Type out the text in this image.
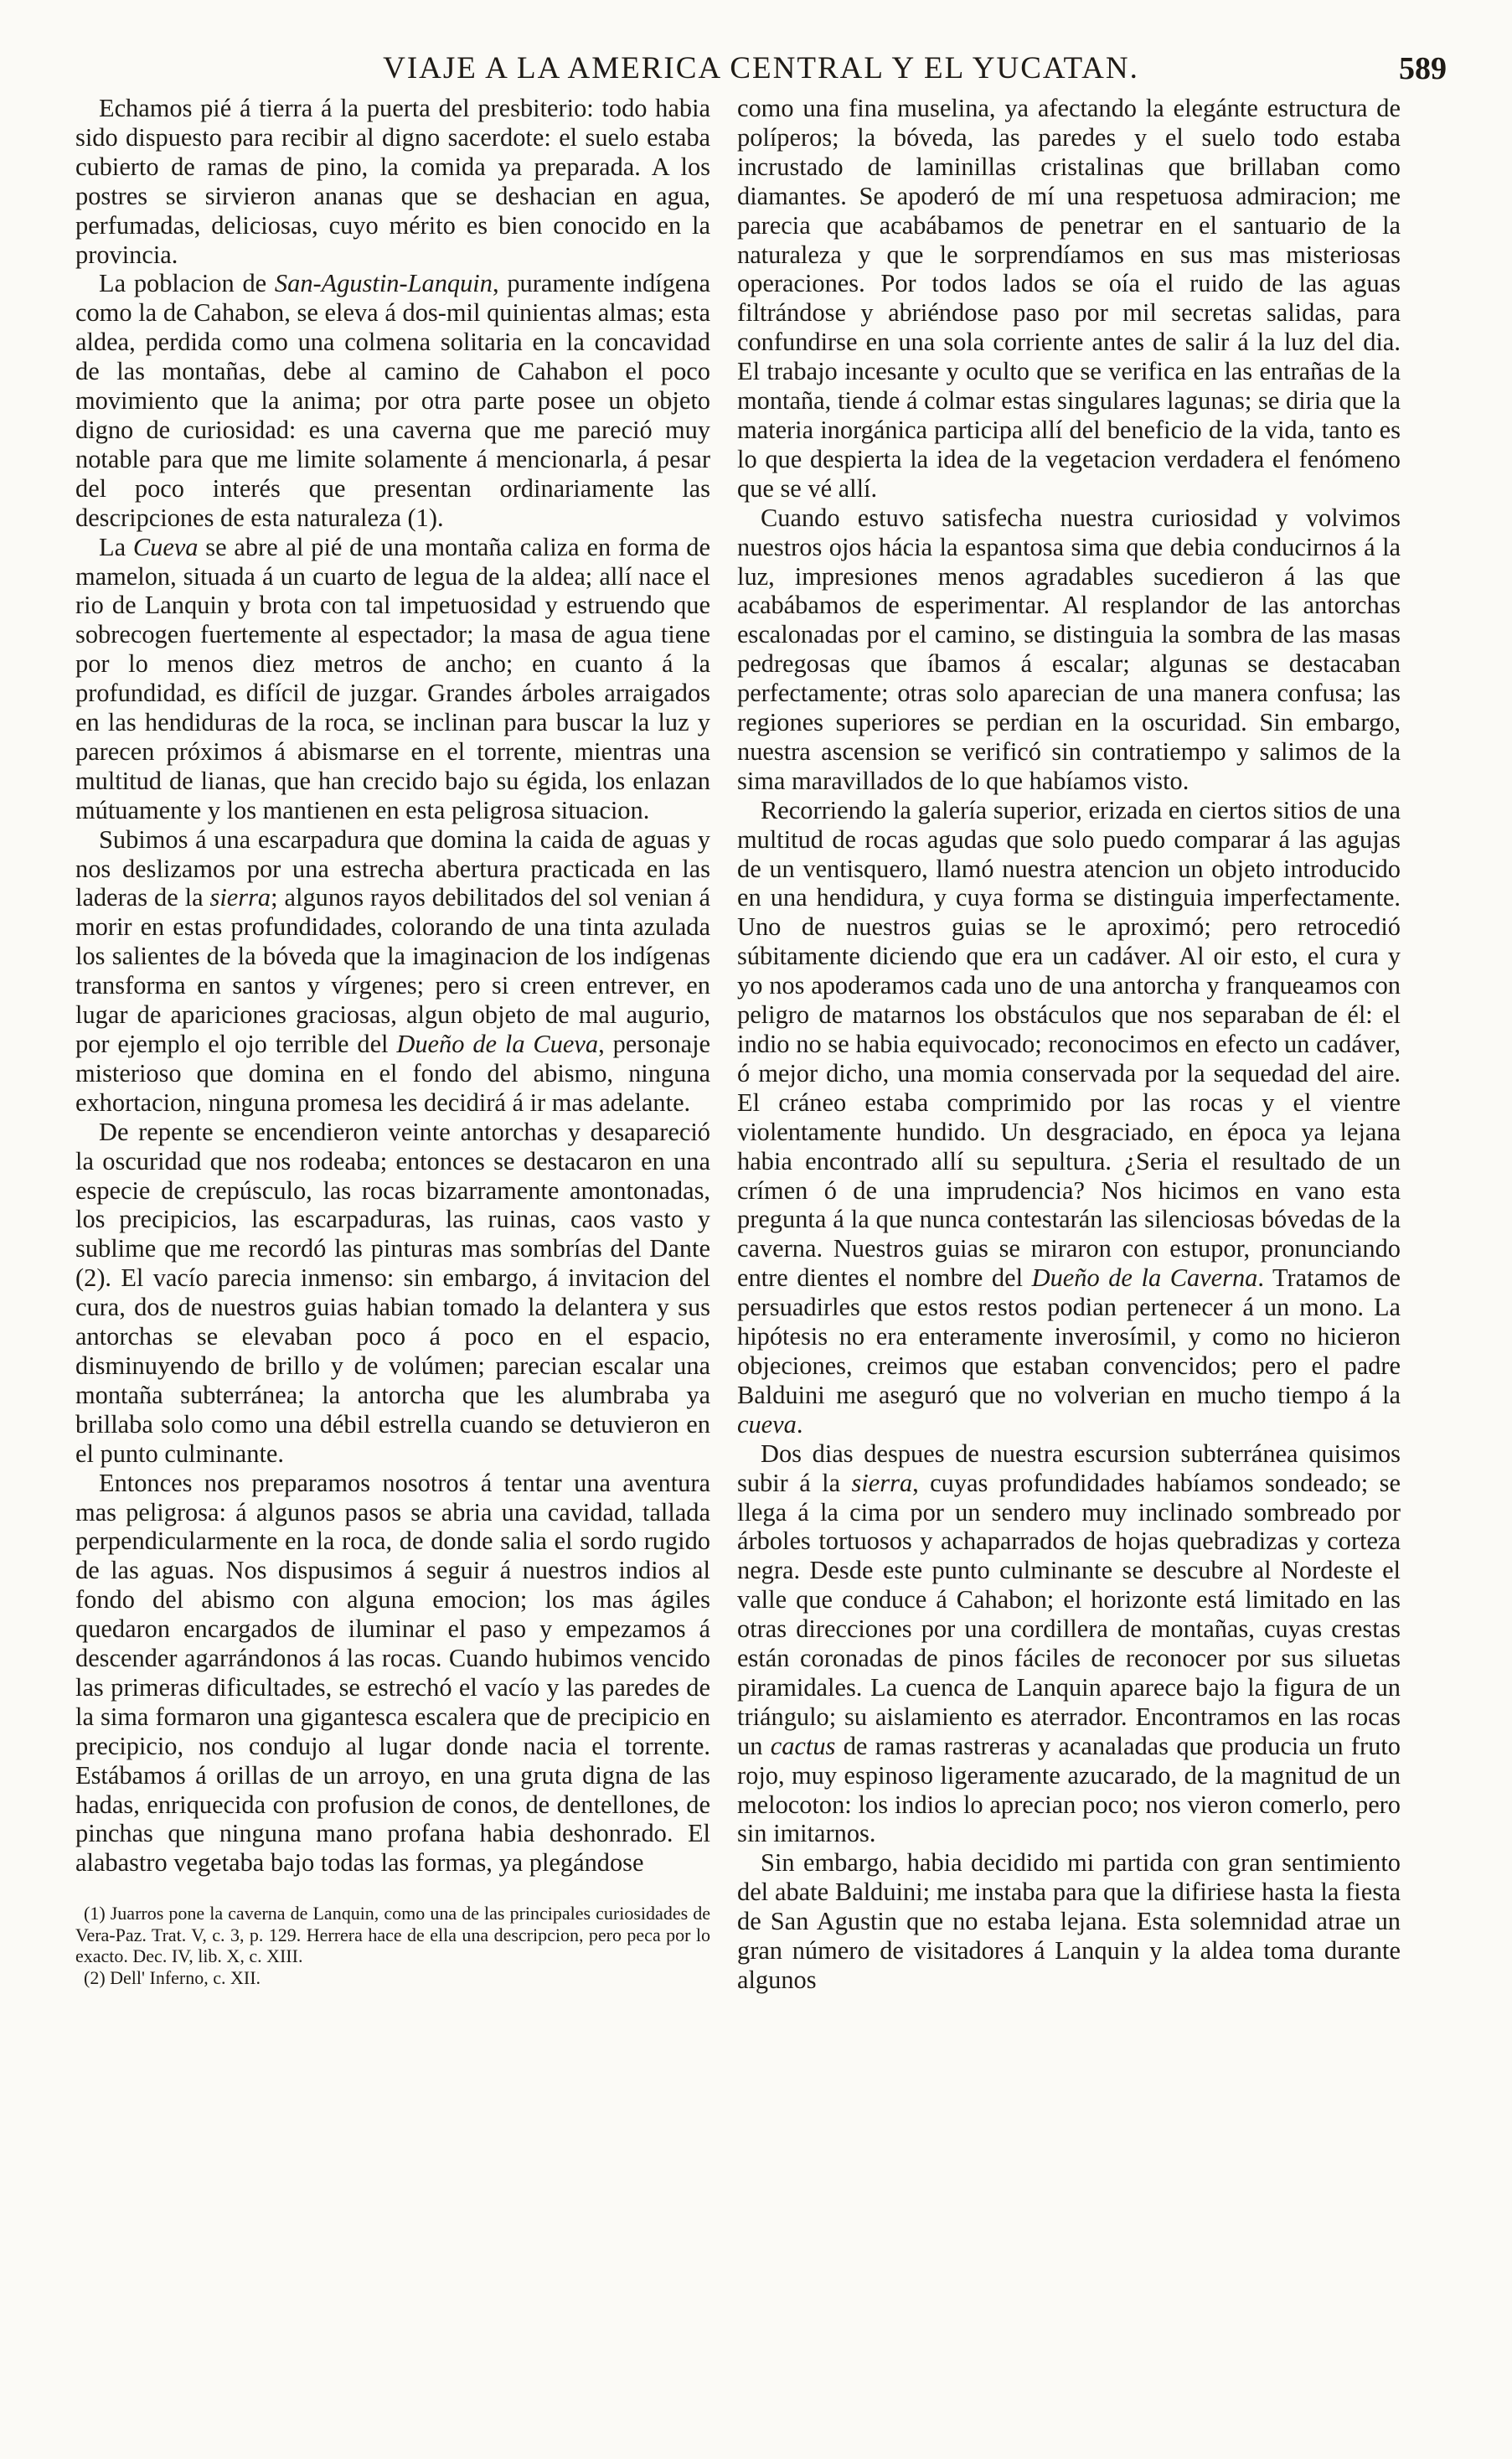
VIAJE A LA AMERICA CENTRAL Y EL YUCATAN.	589

Echamos pié á tierra á la puerta del presbiterio: todo habia sido dispuesto para recibir al digno sacerdote: el suelo estaba cubierto de ramas de pino, la comida ya preparada. A los postres se sirvieron ananas que se deshacian en agua, perfumadas, deliciosas, cuyo mérito es bien conocido en la provincia.

La poblacion de San-Agustin-Lanquin, puramente indígena como la de Cahabon, se eleva á dos-mil quinientas almas; esta aldea, perdida como una colmena solitaria en la concavidad de las montañas, debe al camino de Cahabon el poco movimiento que la anima; por otra parte posee un objeto digno de curiosidad: es una caverna que me pareció muy notable para que me limite solamente á mencionarla, á pesar del poco interés que presentan ordinariamente las descripciones de esta naturaleza (1).

La Cueva se abre al pié de una montaña caliza en forma de mamelon, situada á un cuarto de legua de la aldea; allí nace el rio de Lanquin y brota con tal impetuosidad y estruendo que sobrecogen fuertemente al espectador; la masa de agua tiene por lo menos diez metros de ancho; en cuanto á la profundidad, es difícil de juzgar. Grandes árboles arraigados en las hendiduras de la roca, se inclinan para buscar la luz y parecen próximos á abismarse en el torrente, mientras una multitud de lianas, que han crecido bajo su égida, los enlazan mútuamente y los mantienen en esta peligrosa situacion.

Subimos á una escarpadura que domina la caida de aguas y nos deslizamos por una estrecha abertura practicada en las laderas de la sierra; algunos rayos debilitados del sol venian á morir en estas profundidades, colorando de una tinta azulada los salientes de la bóveda que la imaginacion de los indígenas transforma en santos y vírgenes; pero si creen entrever, en lugar de apariciones graciosas, algun objeto de mal augurio, por ejemplo el ojo terrible del Dueño de la Cueva, personaje misterioso que domina en el fondo del abismo, ninguna exhortacion, ninguna promesa les decidirá á ir mas adelante.

De repente se encendieron veinte antorchas y desapareció la oscuridad que nos rodeaba; entonces se destacaron en una especie de crepúsculo, las rocas bizarramente amontonadas, los precipicios, las escarpaduras, las ruinas, caos vasto y sublime que me recordó las pinturas mas sombrías del Dante (2). El vacío parecia inmenso: sin embargo, á invitacion del cura, dos de nuestros guias habian tomado la delantera y sus antorchas se elevaban poco á poco en el espacio, disminuyendo de brillo y de volúmen; parecian escalar una montaña subterránea; la antorcha que les alumbraba ya brillaba solo como una débil estrella cuando se detuvieron en el punto culminante.

Entonces nos preparamos nosotros á tentar una aventura mas peligrosa: á algunos pasos se abria una cavidad, tallada perpendicularmente en la roca, de donde salia el sordo rugido de las aguas. Nos dispusimos á seguir á nuestros indios al fondo del abismo con alguna emocion; los mas ágiles quedaron encargados de iluminar el paso y empezamos á descender agarrándonos á las rocas. Cuando hubimos vencido las primeras dificultades, se estrechó el vacío y las paredes de la sima formaron una gigantesca escalera que de precipicio en precipicio, nos condujo al lugar donde nacia el torrente. Estábamos á orillas de un arroyo, en una gruta digna de las hadas, enriquecida con profusion de conos, de dentellones, de pinchas que ninguna mano profana habia deshonrado. El alabastro vegetaba bajo todas las formas, ya plegándose

(1) Juarros pone la caverna de Lanquin, como una de las principales curiosidades de Vera-Paz. Trat. V, c. 3, p. 129. Herrera hace de ella una descripcion, pero peca por lo exacto. Dec. IV, lib. X, c. XIII.

(2) Dell' Inferno, c. XII.

como una fina muselina, ya afectando la elegánte estructura de políperos; la bóveda, las paredes y el suelo todo estaba incrustado de laminillas cristalinas que brillaban como diamantes. Se apoderó de mí una respetuosa admiracion; me parecia que acabábamos de penetrar en el santuario de la naturaleza y que le sorprendíamos en sus mas misteriosas operaciones. Por todos lados se oía el ruido de las aguas filtrándose y abriéndose paso por mil secretas salidas, para confundirse en una sola corriente antes de salir á la luz del dia. El trabajo incesante y oculto que se verifica en las entrañas de la montaña, tiende á colmar estas singulares lagunas; se diria que la materia inorgánica participa allí del beneficio de la vida, tanto es lo que despierta la idea de la vegetacion verdadera el fenómeno que se vé allí.

Cuando estuvo satisfecha nuestra curiosidad y volvimos nuestros ojos hácia la espantosa sima que debia conducirnos á la luz, impresiones menos agradables sucedieron á las que acabábamos de esperimentar. Al resplandor de las antorchas escalonadas por el camino, se distinguia la sombra de las masas pedregosas que íbamos á escalar; algunas se destacaban perfectamente; otras solo aparecian de una manera confusa; las regiones superiores se perdian en la oscuridad. Sin embargo, nuestra ascension se verificó sin contratiempo y salimos de la sima maravillados de lo que habíamos visto.

Recorriendo la galería superior, erizada en ciertos sitios de una multitud de rocas agudas que solo puedo comparar á las agujas de un ventisquero, llamó nuestra atencion un objeto introducido en una hendidura, y cuya forma se distinguia imperfectamente. Uno de nuestros guias se le aproximó; pero retrocedió súbitamente diciendo que era un cadáver. Al oir esto, el cura y yo nos apoderamos cada uno de una antorcha y franqueamos con peligro de matarnos los obstáculos que nos separaban de él: el indio no se habia equivocado; reconocimos en efecto un cadáver, ó mejor dicho, una momia conservada por la sequedad del aire. El cráneo estaba comprimido por las rocas y el vientre violentamente hundido. Un desgraciado, en época ya lejana habia encontrado allí su sepultura. ¿Seria el resultado de un crímen ó de una imprudencia? Nos hicimos en vano esta pregunta á la que nunca contestarán las silenciosas bóvedas de la caverna. Nuestros guias se miraron con estupor, pronunciando entre dientes el nombre del Dueño de la Caverna. Tratamos de persuadirles que estos restos podian pertenecer á un mono. La hipótesis no era enteramente inverosímil, y como no hicieron objeciones, creimos que estaban convencidos; pero el padre Balduini me aseguró que no volverian en mucho tiempo á la cueva.

Dos dias despues de nuestra escursion subterránea quisimos subir á la sierra, cuyas profundidades habíamos sondeado; se llega á la cima por un sendero muy inclinado sombreado por árboles tortuosos y achaparrados de hojas quebradizas y corteza negra. Desde este punto culminante se descubre al Nordeste el valle que conduce á Cahabon; el horizonte está limitado en las otras direcciones por una cordillera de montañas, cuyas crestas están coronadas de pinos fáciles de reconocer por sus siluetas piramidales. La cuenca de Lanquin aparece bajo la figura de un triángulo; su aislamiento es aterrador. Encontramos en las rocas un cactus de ramas rastreras y acanaladas que producia un fruto rojo, muy espinoso ligeramente azucarado, de la magnitud de un melocoton: los indios lo aprecian poco; nos vieron comerlo, pero sin imitarnos.

Sin embargo, habia decidido mi partida con gran sentimiento del abate Balduini; me instaba para que la difiriese hasta la fiesta de San Agustin que no estaba lejana. Esta solemnidad atrae un gran número de visitadores á Lanquin y la aldea toma durante algunos
